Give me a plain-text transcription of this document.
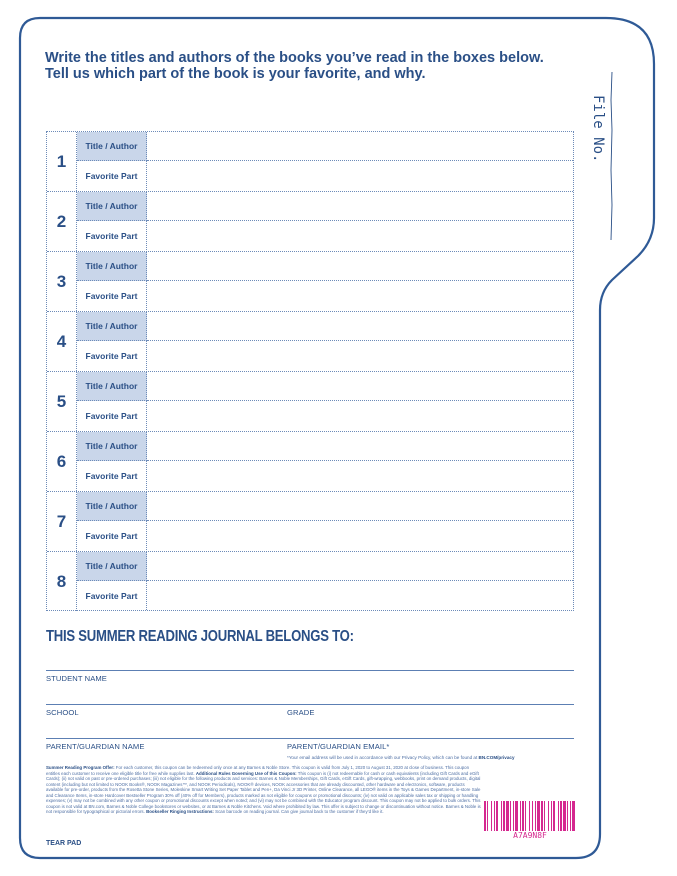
Write the titles and authors of the books you’ve read in the boxes below.
Tell us which part of the book is your favorite, and why.
File No.
1
Title / Author
Favorite Part
2
Title / Author
Favorite Part
3
Title / Author
Favorite Part
4
Title / Author
Favorite Part
5
Title / Author
Favorite Part
6
Title / Author
Favorite Part
7
Title / Author
Favorite Part
8
Title / Author
Favorite Part
THIS SUMMER READING JOURNAL BELONGS TO:
STUDENT NAME
SCHOOL	GRADE
PARENT/GUARDIAN NAME	PARENT/GUARDIAN EMAIL*
*Your email address will be used in accordance with our Privacy Policy, which can be found at BN.COM/privacy
Summer Reading Program Offer: For each customer, this coupon can be redeemed only once at any Barnes & Noble Store. This coupon is valid from July 1, 2020 to August 31, 2020 at close of business. This coupon entitles each customer to receive one eligible title for free while supplies last. Additional Rules Governing Use of this Coupon: This coupon is (i) not redeemable for cash or cash equivalents (including Gift Cards and eGift Cards); (ii) not valid on past or pre-ordered purchases; (iii) not eligible for the following products and services: Barnes & Noble Memberships, Gift Cards, eGift Cards, gift-wrapping, webbooks, print on demand products, digital content (including but not limited to NOOK Books®, NOOK Magazines™, and NOOK Periodicals), NOOK® devices, NOOK accessories that are already discounted, other hardware and electronics, software, products available for pre-order, products from the Rosetta Stone Series, Moleskine Smart Writing Set Paper Tablet and Pen+, Da Vinci Jr 3D Printer, Online Clearance, all LEGO® items in the Toys & Games Department, in-store Sale and Clearance Items, in-store Hardcover Bestseller Program 30% off (40% off for Members), products marked as not eligible for coupons or promotional discounts; (iv) not valid on applicable sales tax or shipping or handling expenses; (v) may not be combined with any other coupon or promotional discounts except when noted; and (vi) may not be combined with the Educator program discount. This coupon may not be applied to bulk orders. This coupon is not valid at BN.com, Barnes & Noble College bookstores or websites, or at Barnes & Noble Kitchens. Void where prohibited by law. This offer is subject to change or discontinuation without notice. Barnes & Noble is not responsible for typographical or pictorial errors. Bookseller Ringing Instructions: Scan barcode on reading journal. Can give journal back to the customer if they’d like it.
A7A9N8F
TEAR PAD
